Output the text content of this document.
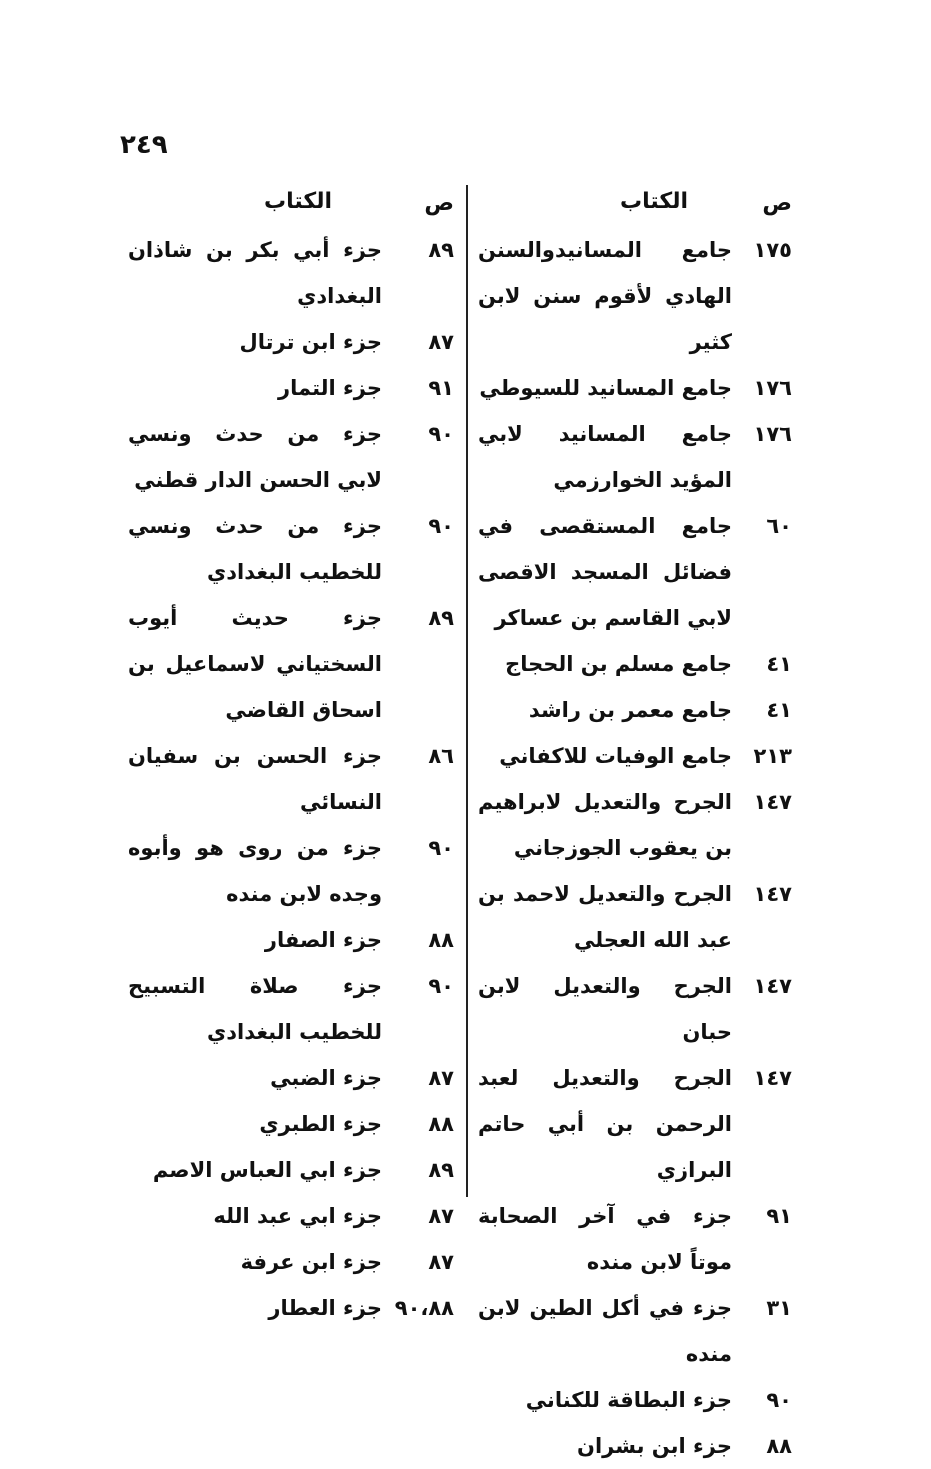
٢٤٩
ص
الكتاب
١٧٥
جامع المسانيدوالسنن الهادي لأقوم سنن لابن كثير
١٧٦
جامع المسانيد للسيوطي
١٧٦
جامع المسانيد لابي المؤيد الخوارزمي
٦٠
جامع المستقصى في فضائل المسجد الاقصى لابي القاسم بن عساكر
٤١
جامع مسلم بن الحجاج
٤١
جامع معمر بن راشد
٢١٣
جامع الوفيات للاكفاني
١٤٧
الجرح والتعديل لابراهيم بن يعقوب الجوزجاني
١٤٧
الجرح والتعديل لاحمد بن عبد الله العجلي
١٤٧
الجرح والتعديل لابن حبان
١٤٧
الجرح والتعديل لعبد الرحمن بن أبي حاتم البرازي
٩١
جزء في آخر الصحابة موتاً لابن منده
٣١
جزء في أكل الطين لابن منده
٩٠
جزء البطاقة للكناني
٨٨
جزء ابن بشران
ص
الكتاب
٨٩
جزء أبي بكر بن شاذان البغدادي
٨٧
جزء ابن ترتال
٩١
جزء التمار
٩٠
جزء من حدث ونسي لابي الحسن الدار قطني
٩٠
جزء من حدث ونسي للخطيب البغدادي
٨٩
جزء حديث أيوب السختياني لاسماعيل بن اسحاق القاضي
٨٦
جزء الحسن بن سفيان النسائي
٩٠
جزء من روى هو وأبوه وجده لابن منده
٨٨
جزء الصفار
٩٠
جزء صلاة التسبيح للخطيب البغدادي
٨٧
جزء الضبي
٨٨
جزء الطبري
٨٩
جزء ابي العباس الاصم
٨٧
جزء ابي عبد الله
٨٧
جزء ابن عرفة
٩٠،٨٨
جزء العطار
